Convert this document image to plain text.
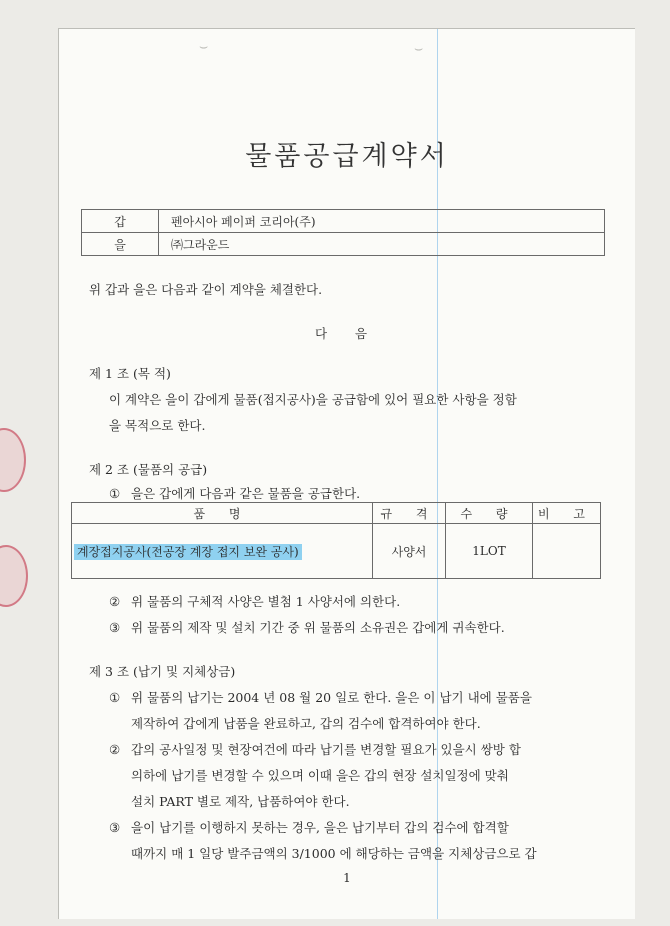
⌣	⌣
물품공급계약서
갑	펜아시아 페이퍼 코리아(주)
을	㈜그라운드
위 갑과 을은 다음과 같이 계약을 체결한다.
다 음
제 1 조 (목 적)
이 계약은 을이 갑에게 물품(접지공사)을 공급함에 있어 필요한 사항을 정함
을 목적으로 한다.
제 2 조 (물품의 공급)
① 을은 갑에게 다음과 같은 물품을 공급한다.
품 명	규 격	수 량	비 고
계장접지공사(전공장 계장 접지 보완 공사)	사양서	1LOT	
② 위 물품의 구체적 사양은 별첨 1 사양서에 의한다.
③ 위 물품의 제작 및 설치 기간 중 위 물품의 소유권은 갑에게 귀속한다.
제 3 조 (납기 및 지체상금)
① 위 물품의 납기는 2004 년 08 월 20 일로 한다. 을은 이 납기 내에 물품을
제작하여 갑에게 납품을 완료하고, 갑의 검수에 합격하여야 한다.
② 갑의 공사일정 및 현장여건에 따라 납기를 변경할 필요가 있을시 쌍방 합
의하에 납기를 변경할 수 있으며 이때 을은 갑의 현장 설치일정에 맞춰
설치 PART 별로 제작, 납품하여야 한다.
③ 을이 납기를 이행하지 못하는 경우, 을은 납기부터 갑의 검수에 합격할
때까지 매 1 일당 발주금액의 3/1000 에 해당하는 금액을 지체상금으로 갑
1
